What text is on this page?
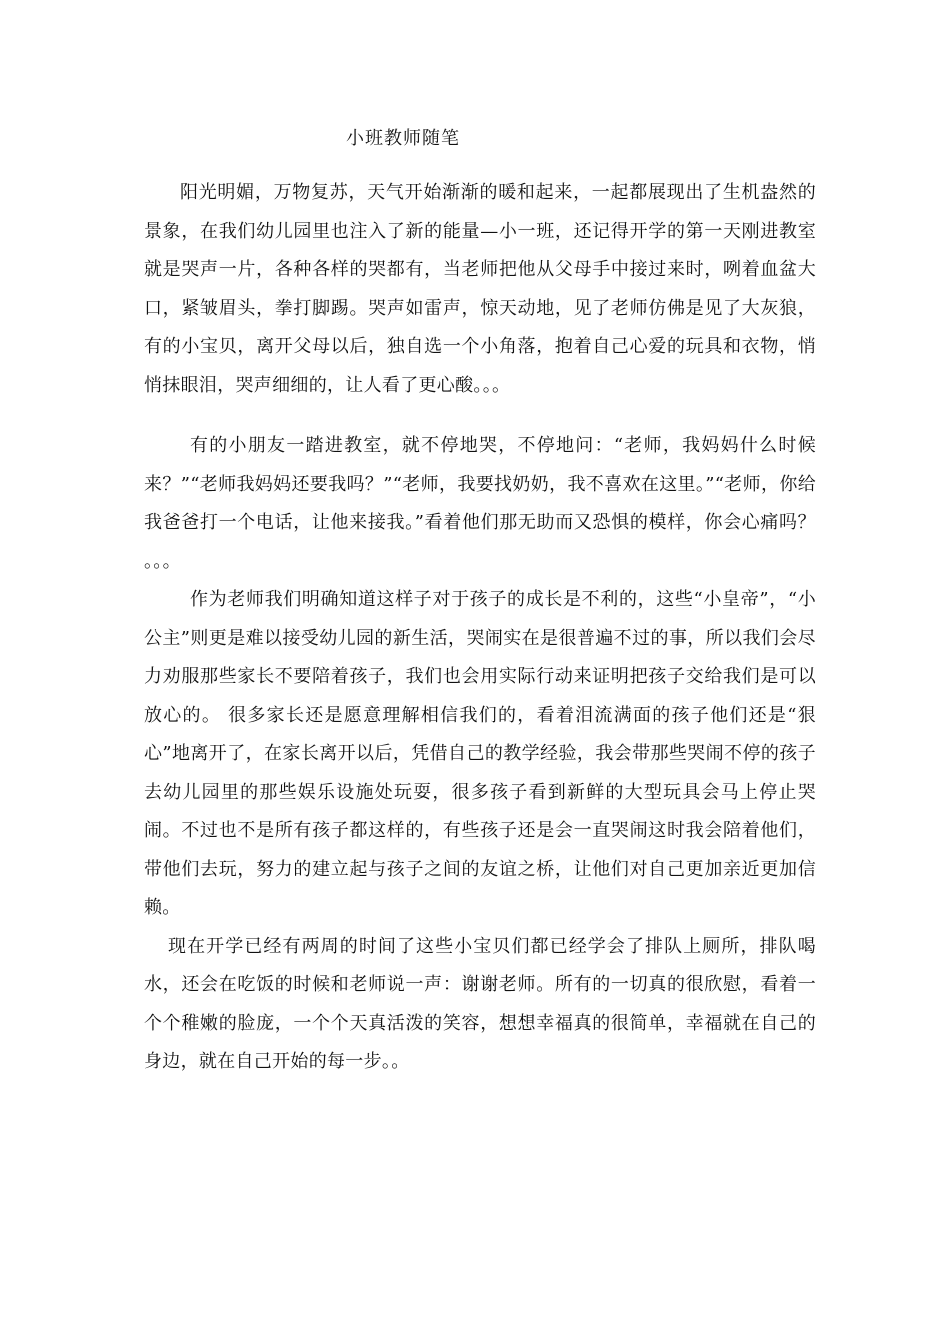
小班教师随笔

阳光明媚，万物复苏，天气开始渐渐的暖和起来，一起都展现出了生机盎然的景象，在我们幼儿园里也注入了新的能量—小一班，还记得开学的第一天刚进教室就是哭声一片，各种各样的哭都有，当老师把他从父母手中接过来时，咧着血盆大口，紧皱眉头，拳打脚踢。哭声如雷声，惊天动地，见了老师仿佛是见了大灰狼，有的小宝贝，离开父母以后，独自选一个小角落，抱着自己心爱的玩具和衣物，悄悄抹眼泪，哭声细细的，让人看了更心酸。。。

有的小朋友一踏进教室，就不停地哭，不停地问：“老师，我妈妈什么时候来？”“老师我妈妈还要我吗？”“老师，我要找奶奶，我不喜欢在这里。”“老师，你给我爸爸打一个电话，让他来接我。”看着他们那无助而又恐惧的模样，你会心痛吗？ 。。。

作为老师我们明确知道这样子对于孩子的成长是不利的，这些“小皇帝”，“小公主”则更是难以接受幼儿园的新生活，哭闹实在是很普遍不过的事，所以我们会尽力劝服那些家长不要陪着孩子，我们也会用实际行动来证明把孩子交给我们是可以放心的。 很多家长还是愿意理解相信我们的，看着泪流满面的孩子他们还是“狠心”地离开了，在家长离开以后，凭借自己的教学经验，我会带那些哭闹不停的孩子去幼儿园里的那些娱乐设施处玩耍，很多孩子看到新鲜的大型玩具会马上停止哭闹。不过也不是所有孩子都这样的，有些孩子还是会一直哭闹这时我会陪着他们，带他们去玩，努力的建立起与孩子之间的友谊之桥，让他们对自己更加亲近更加信赖。

现在开学已经有两周的时间了这些小宝贝们都已经学会了排队上厕所，排队喝水，还会在吃饭的时候和老师说一声：谢谢老师。所有的一切真的很欣慰，看着一个个稚嫩的脸庞，一个个天真活泼的笑容，想想幸福真的很简单，幸福就在自己的身边，就在自己开始的每一步。。
